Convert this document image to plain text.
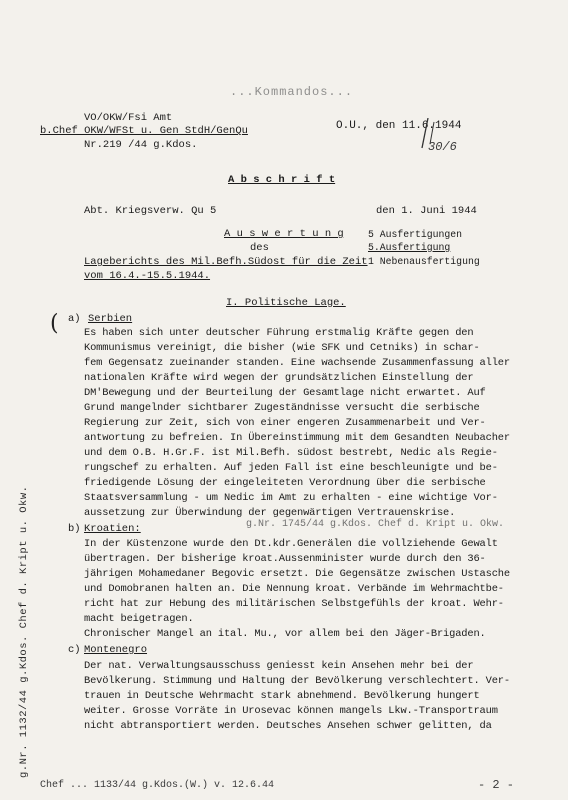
...Kommandos...
VO/OKW/Fsi Amt
b.Chef OKW/WFSt u. Gen StdH/GenQu
Nr.219 /44 g.Kdos.
O.U., den 11.6.1944
30/6
A b s c h r i f t
Abt. Kriegsverw. Qu 5	den 1. Juni 1944
A u s w e r t u n g
des
Lageberichts des Mil.Befh.Südost für die Zeit
vom 16.4.-15.5.1944.
5 Ausfertigungen
5.Ausfertigung
1 Nebenausfertigung
I. Politische Lage.
( a) Serbien
Es haben sich unter deutscher Führung erstmalig Kräfte gegen den
Kommunismus vereinigt, die bisher (wie SFK und Cetniks) in schar-
fem Gegensatz zueinander standen. Eine wachsende Zusammenfassung aller
nationalen Kräfte wird wegen der grundsätzlichen Einstellung der
DM'Bewegung und der Beurteilung der Gesamtlage nicht erwartet. Auf
Grund mangelnder sichtbarer Zugeständnisse versucht die serbische
Regierung zur Zeit, sich von einer engeren Zusammenarbeit und Ver-
antwortung zu befreien. In Übereinstimmung mit dem Gesandten Neubacher
und dem O.B. H.Gr.F. ist Mil.Befh. südost bestrebt, Nedic als Regie-
rungschef zu erhalten. Auf jeden Fall ist eine beschleunigte und be-
friedigende Lösung der eingeleiteten Verordnung über die serbische
Staatsversammlung - um Nedic im Amt zu erhalten - eine wichtige Vor-
aussetzung zur Überwindung der gegenwärtigen Vertrauenskrise.
b) Kroatien:	g.Nr. 1745/44 g.Kdos. Chef d. Kript u. Okw.
In der Küstenzone wurde den Dt.kdr.Generälen die vollziehende Gewalt
übertragen. Der bisherige kroat.Aussenminister wurde durch den 36-
jährigen Mohamedaner Begovic ersetzt. Die Gegensätze zwischen Ustasche
und Domobranen halten an. Die Nennung kroat. Verbände im Wehrmachtbe-
richt hat zur Hebung des militärischen Selbstgefühls der kroat. Wehr-
macht beigetragen.
Chronischer Mangel an ital. Mu., vor allem bei den Jäger-Brigaden.
c) Montenegro
Der nat. Verwaltungsausschuss geniesst kein Ansehen mehr bei der
Bevölkerung. Stimmung und Haltung der Bevölkerung verschlechtert. Ver-
trauen in Deutsche Wehrmacht stark abnehmend. Bevölkerung hungert
weiter. Grosse Vorräte in Urosevac können mangels Lkw.-Transportraum
nicht abtransportiert werden. Deutsches Ansehen schwer gelitten, da
g.Nr. 1132/44 g.Kdos. Chef d. Kript u. Okw.
Chef ... 1133/44 g.Kdos.(W.) v. 12.6.44	- 2 -
